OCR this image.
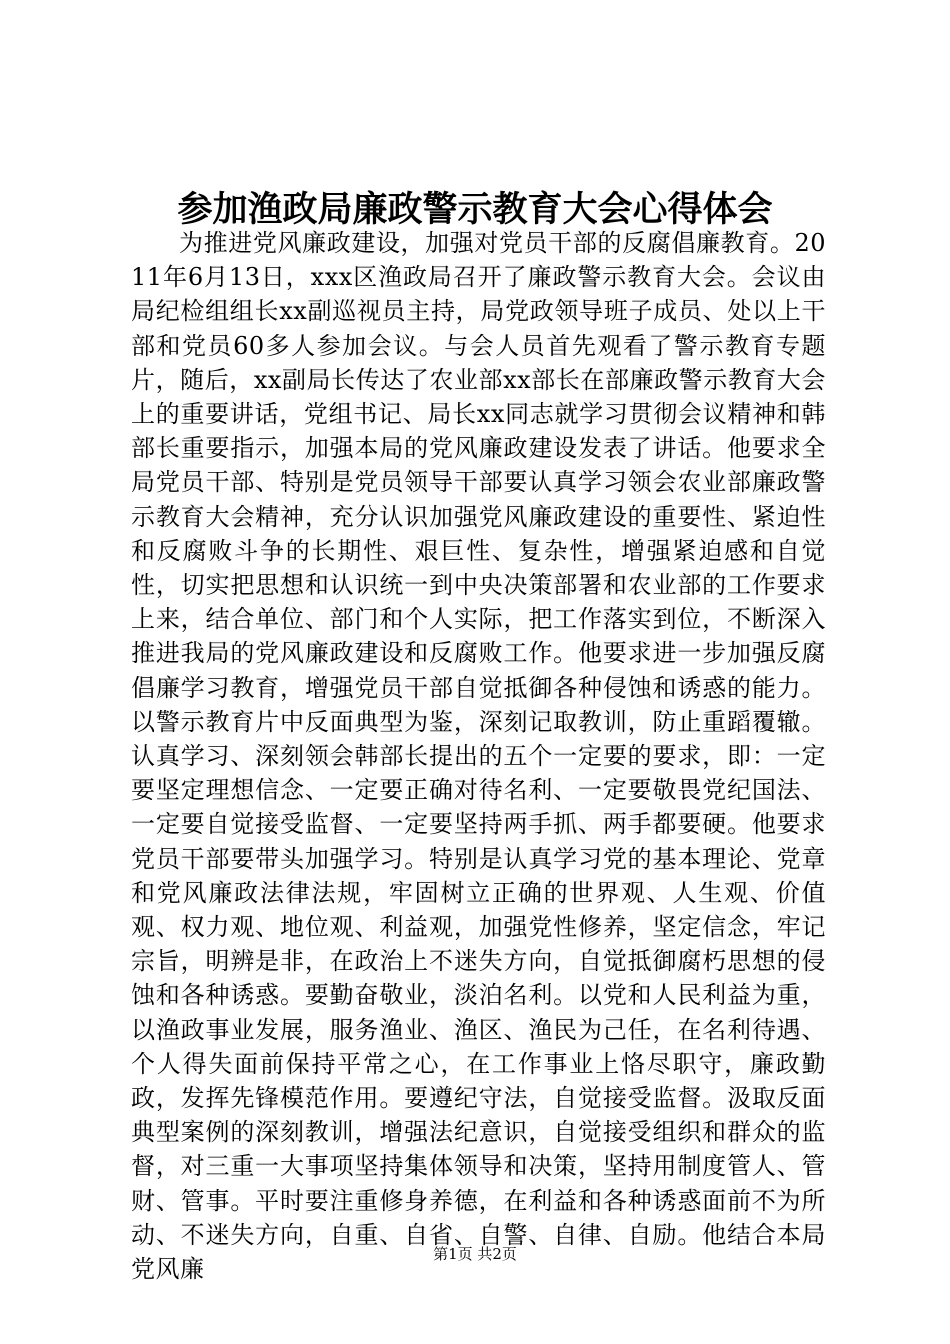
参加渔政局廉政警示教育大会心得体会

为推进党风廉政建设，加强对党员干部的反腐倡廉教育。2011年6月13日，xxx区渔政局召开了廉政警示教育大会。会议由局纪检组组长xx副巡视员主持，局党政领导班子成员、处以上干部和党员60多人参加会议。与会人员首先观看了警示教育专题片，随后，xx副局长传达了农业部xx部长在部廉政警示教育大会上的重要讲话，党组书记、局长xx同志就学习贯彻会议精神和韩部长重要指示，加强本局的党风廉政建设发表了讲话。他要求全局党员干部、特别是党员领导干部要认真学习领会农业部廉政警示教育大会精神，充分认识加强党风廉政建设的重要性、紧迫性和反腐败斗争的长期性、艰巨性、复杂性，增强紧迫感和自觉性，切实把思想和认识统一到中央决策部署和农业部的工作要求上来，结合单位、部门和个人实际，把工作落实到位，不断深入推进我局的党风廉政建设和反腐败工作。他要求进一步加强反腐倡廉学习教育，增强党员干部自觉抵御各种侵蚀和诱惑的能力。以警示教育片中反面典型为鉴，深刻记取教训，防止重蹈覆辙。认真学习、深刻领会韩部长提出的五个一定要的要求，即：一定要坚定理想信念、一定要正确对待名利、一定要敬畏党纪国法、一定要自觉接受监督、一定要坚持两手抓、两手都要硬。他要求党员干部要带头加强学习。特别是认真学习党的基本理论、党章和党风廉政法律法规，牢固树立正确的世界观、人生观、价值观、权力观、地位观、利益观，加强党性修养，坚定信念，牢记宗旨，明辨是非，在政治上不迷失方向，自觉抵御腐朽思想的侵蚀和各种诱惑。要勤奋敬业，淡泊名利。以党和人民利益为重，以渔政事业发展，服务渔业、渔区、渔民为己任，在名利待遇、个人得失面前保持平常之心，在工作事业上恪尽职守，廉政勤政，发挥先锋模范作用。要遵纪守法，自觉接受监督。汲取反面典型案例的深刻教训，增强法纪意识，自觉接受组织和群众的监督，对三重一大事项坚持集体领导和决策，坚持用制度管人、管财、管事。平时要注重修身养德，在利益和各种诱惑面前不为所动、不迷失方向，自重、自省、自警、自律、自励。他结合本局党风廉

第1页 共2页
